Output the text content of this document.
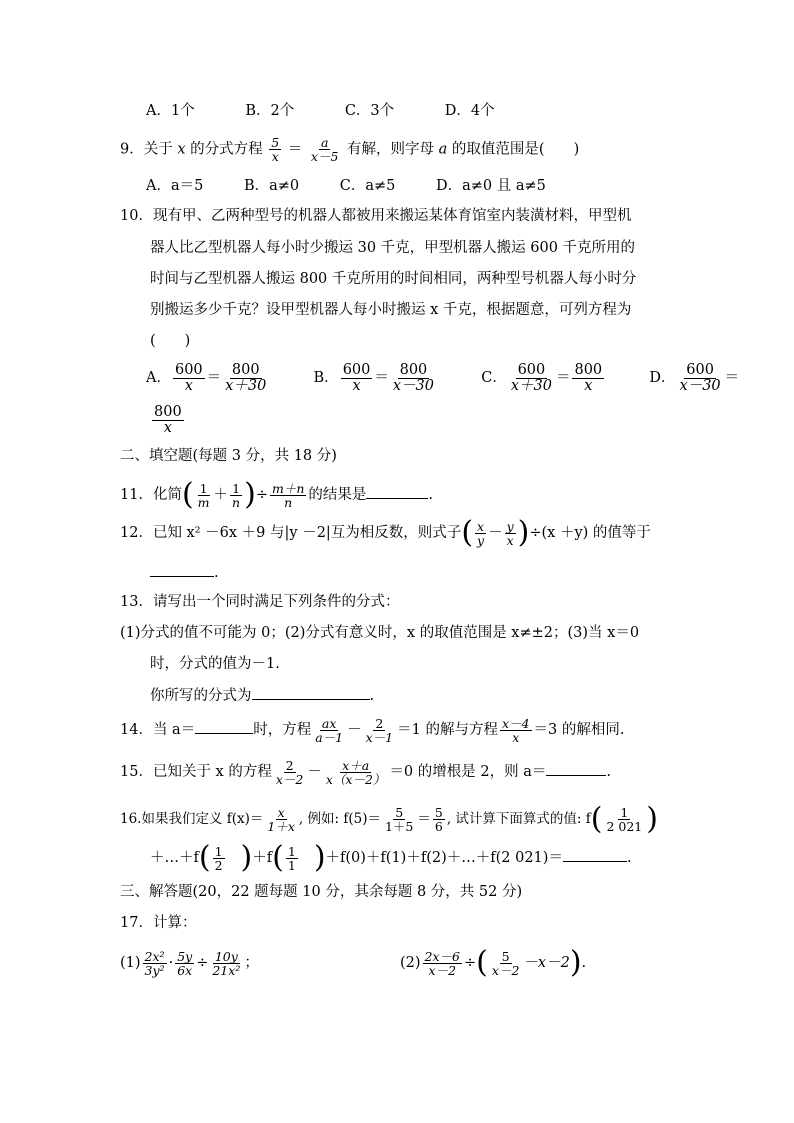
A．1个	B．2个	C．3个	D．4个
9．关于 x 的分式方程 $\frac{5}{x} = \frac{a}{x-5}$ 有解，则字母 a 的取值范围是(　　)
A．a＝5	B．a≠0	C．a≠5	D．a≠0 且 a≠5
10．现有甲、乙两种型号的机器人都被用来搬运某体育馆室内装潢材料，甲型机
器人比乙型机器人每小时少搬运 30 千克，甲型机器人搬运 600 千克所用的
时间与乙型机器人搬运 800 千克所用的时间相同，两种型号机器人每小时分
别搬运多少千克？设甲型机器人每小时搬运 x 千克，根据题意，可列方程为
(　　)
A． $\frac{600}{x} = \frac{800}{x+30}$	B． $\frac{600}{x} = \frac{800}{x-30}$	C． $\frac{600}{x+30} = \frac{800}{x}$	D． $\frac{600}{x-30}$ ＝
$\frac{800}{x}$
二、填空题(每题 3 分，共 18 分)
11．化简( $\frac{1}{m} + \frac{1}{n}$ )÷ $\frac{m+n}{n}$ 的结果是	.
12．已知 x² －6x ＋9 与|y －2|互为相反数，则式子( $\frac{x}{y} - \frac{y}{x} )\div(x +y)$ 的值等于
.
13．请写出一个同时满足下列条件的分式：
(1)分式的值不可能为 0；(2)分式有意义时，x 的取值范围是 x≠±2；(3)当 x＝0
时，分式的值为－1.
你所写的分式为	.
14．当 a＝	时，方程 $\frac{ax}{a-1} - \frac{2}{x-1} =1$ 的解与方程 $\frac{x-4}{x} =3$ 的解相同.
15．已知关于 x 的方程 $\frac{2}{x-2} - \frac{x+a}{x(x-2)} =0$ 的增根是 2，则 a＝	.
16.如果我们定义 $f(x)= \frac{x}{1+x}$ , 例如: $f(5)= \frac{5}{1+5} = \frac{5}{6}$ , 试计算下面算式的值: $f( \frac{1}{2 021}$ )
＋…＋f( $\frac{1}{2} )+f( \frac{1}{1}$ )＋f(0)＋f(1)＋f(2)＋…＋f(2 021)＝	.
三、解答题(20，22 题每题 10 分，其余每题 8 分，共 52 分)
17．计算：
$(1) \frac{\text{2x²}}{\text{3y²}} \cdot \frac{5y}{6x} \div \frac{10y}{\text{21x²}}$ ；	$(2) \frac{2x-6}{x-2}$ ÷( $\frac{5}{x-2} -x-2$).
